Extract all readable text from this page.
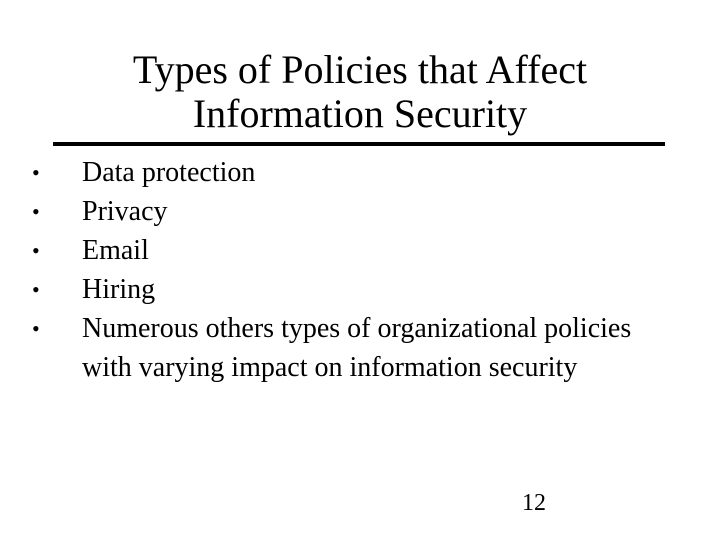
Types of Policies that Affect
Information Security
• Data protection
• Privacy
• Email
• Hiring
• Numerous others types of organizational policies with varying impact on information security
12
